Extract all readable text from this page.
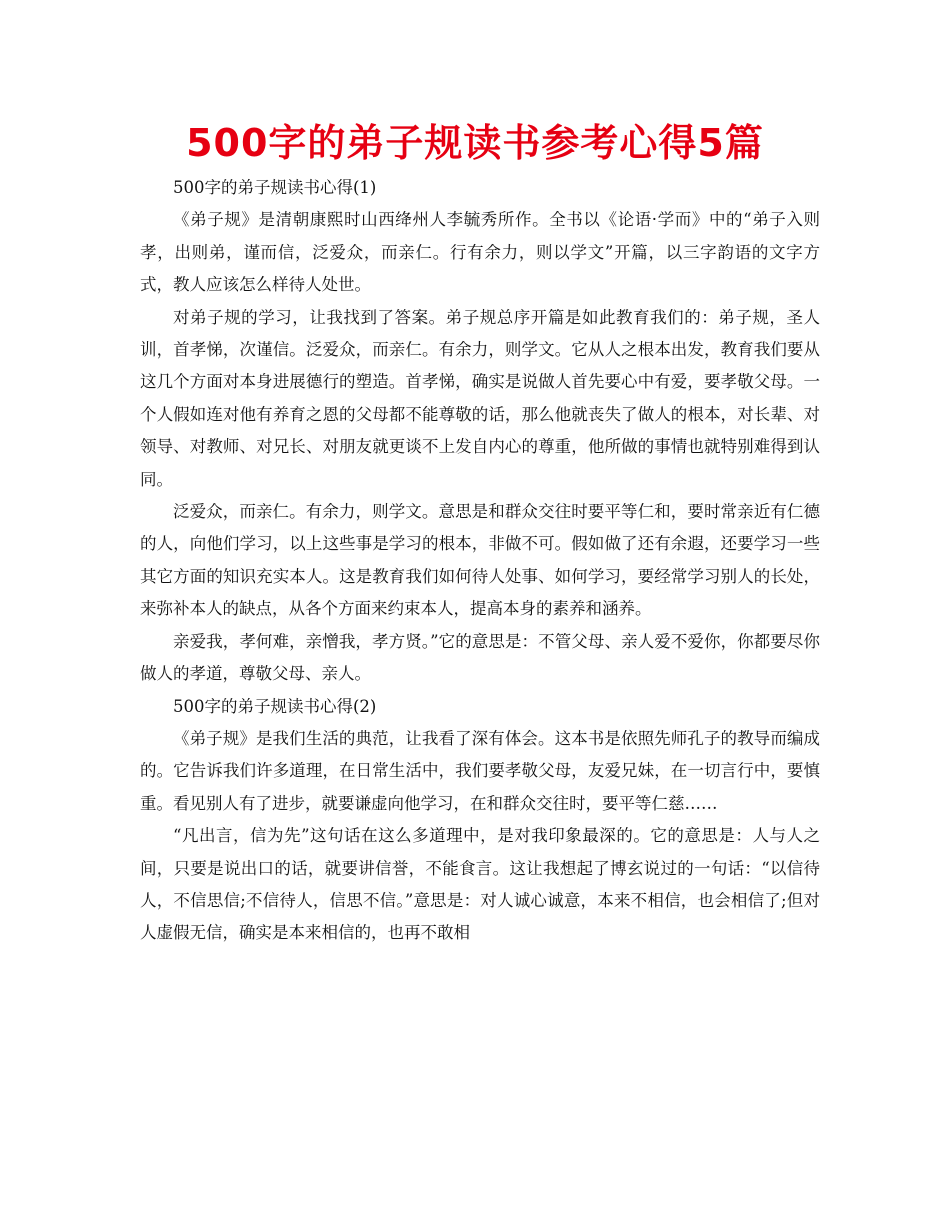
500字的弟子规读书参考心得5篇

500字的弟子规读书心得(1)

《弟子规》是清朝康熙时山西绛州人李毓秀所作。全书以《论语·学而》中的“弟子入则孝，出则弟，谨而信，泛爱众，而亲仁。行有余力，则以学文”开篇，以三字韵语的文字方式，教人应该怎么样待人处世。

对弟子规的学习，让我找到了答案。弟子规总序开篇是如此教育我们的：弟子规，圣人训，首孝悌，次谨信。泛爱众，而亲仁。有余力，则学文。它从人之根本出发，教育我们要从这几个方面对本身进展德行的塑造。首孝悌，确实是说做人首先要心中有爱，要孝敬父母。一个人假如连对他有养育之恩的父母都不能尊敬的话，那么他就丧失了做人的根本，对长辈、对领导、对教师、对兄长、对朋友就更谈不上发自内心的尊重，他所做的事情也就特别难得到认同。

泛爱众，而亲仁。有余力，则学文。意思是和群众交往时要平等仁和，要时常亲近有仁德的人，向他们学习，以上这些事是学习的根本，非做不可。假如做了还有余遐，还要学习一些其它方面的知识充实本人。这是教育我们如何待人处事、如何学习，要经常学习别人的长处，来弥补本人的缺点，从各个方面来约束本人，提高本身的素养和涵养。

亲爱我，孝何难，亲憎我，孝方贤。”它的意思是：不管父母、亲人爱不爱你，你都要尽你做人的孝道，尊敬父母、亲人。

500字的弟子规读书心得(2)

《弟子规》是我们生活的典范，让我看了深有体会。这本书是依照先师孔子的教导而编成的。它告诉我们许多道理，在日常生活中，我们要孝敬父母，友爱兄妹，在一切言行中，要慎重。看见别人有了进步，就要谦虚向他学习，在和群众交往时，要平等仁慈……

“凡出言，信为先”这句话在这么多道理中，是对我印象最深的。它的意思是：人与人之间，只要是说出口的话，就要讲信誉，不能食言。这让我想起了博玄说过的一句话：“以信待人，不信思信;不信待人，信思不信。”意思是：对人诚心诚意，本来不相信，也会相信了;但对人虚假无信，确实是本来相信的，也再不敢相
